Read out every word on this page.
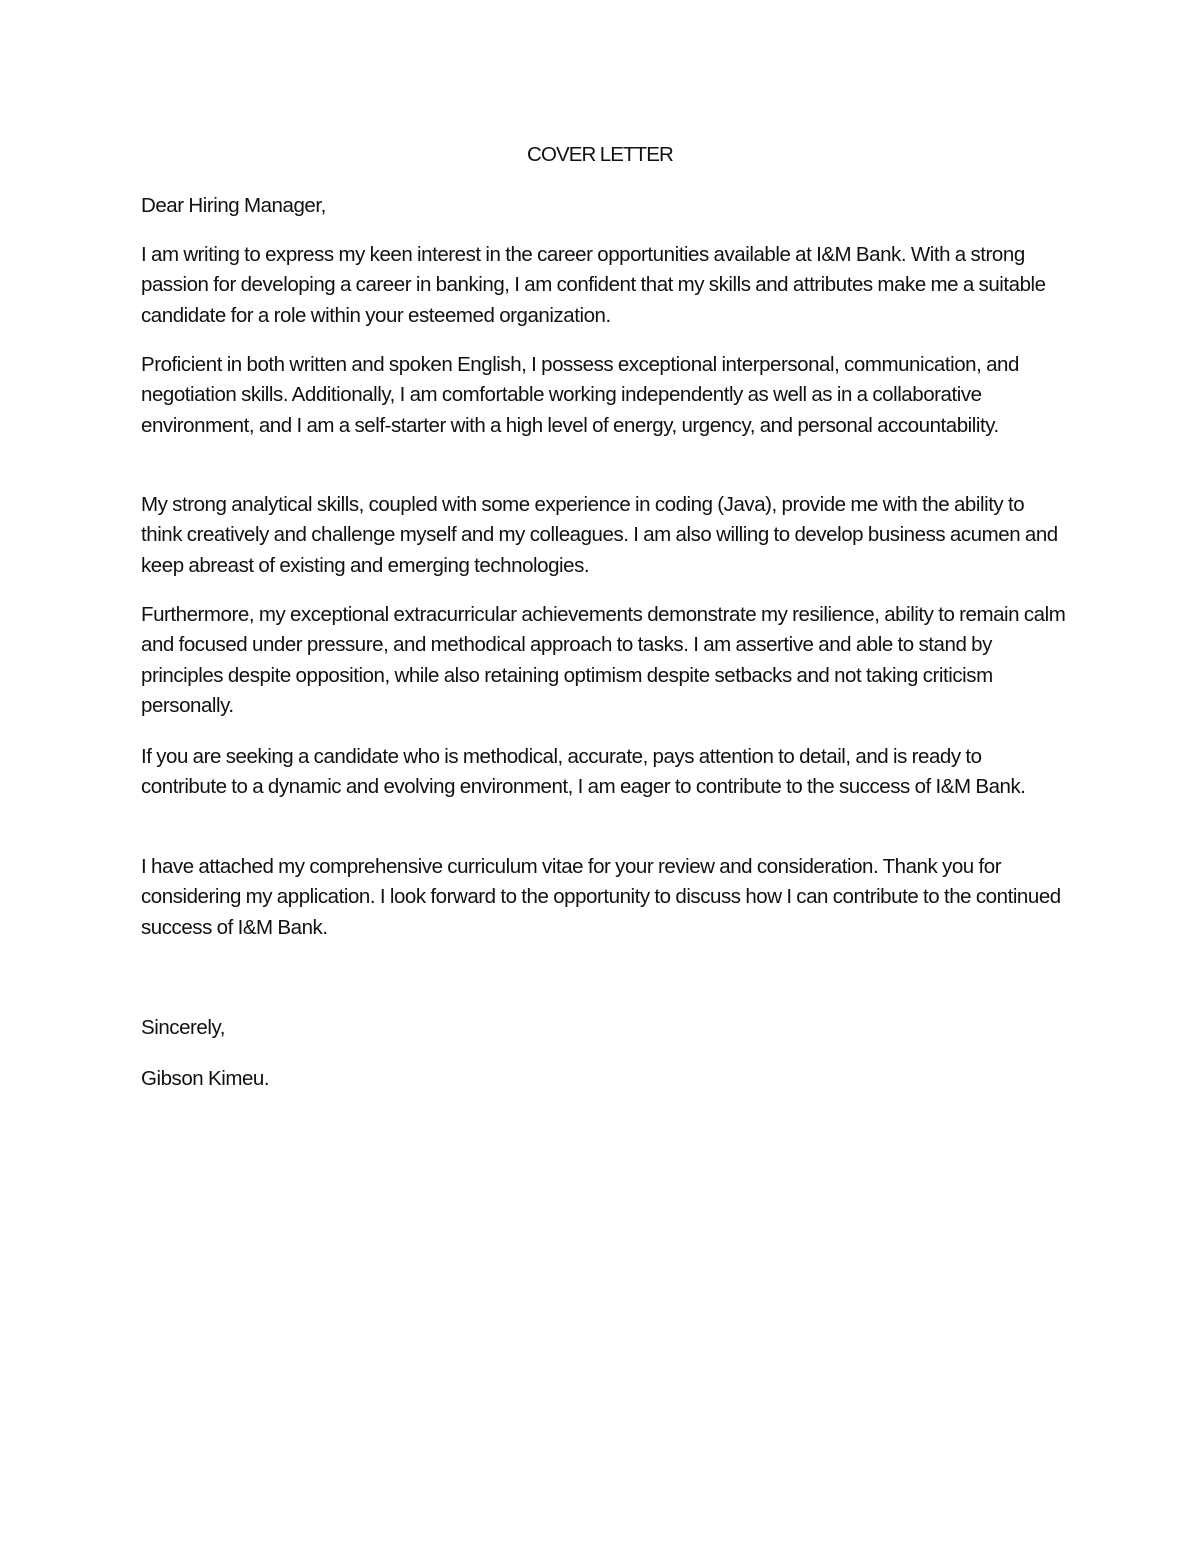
COVER LETTER

Dear Hiring Manager,

I am writing to express my keen interest in the career opportunities available at I&M Bank. With a strong passion for developing a career in banking, I am confident that my skills and attributes make me a suitable candidate for a role within your esteemed organization.

Proficient in both written and spoken English, I possess exceptional interpersonal, communication, and negotiation skills. Additionally, I am comfortable working independently as well as in a collaborative environment, and I am a self-starter with a high level of energy, urgency, and personal accountability.

My strong analytical skills, coupled with some experience in coding (Java), provide me with the ability to think creatively and challenge myself and my colleagues. I am also willing to develop business acumen and keep abreast of existing and emerging technologies.

Furthermore, my exceptional extracurricular achievements demonstrate my resilience, ability to remain calm and focused under pressure, and methodical approach to tasks. I am assertive and able to stand by principles despite opposition, while also retaining optimism despite setbacks and not taking criticism personally.

If you are seeking a candidate who is methodical, accurate, pays attention to detail, and is ready to contribute to a dynamic and evolving environment, I am eager to contribute to the success of I&M Bank.

I have attached my comprehensive curriculum vitae for your review and consideration. Thank you for considering my application. I look forward to the opportunity to discuss how I can contribute to the continued success of I&M Bank.

Sincerely,

Gibson Kimeu.
